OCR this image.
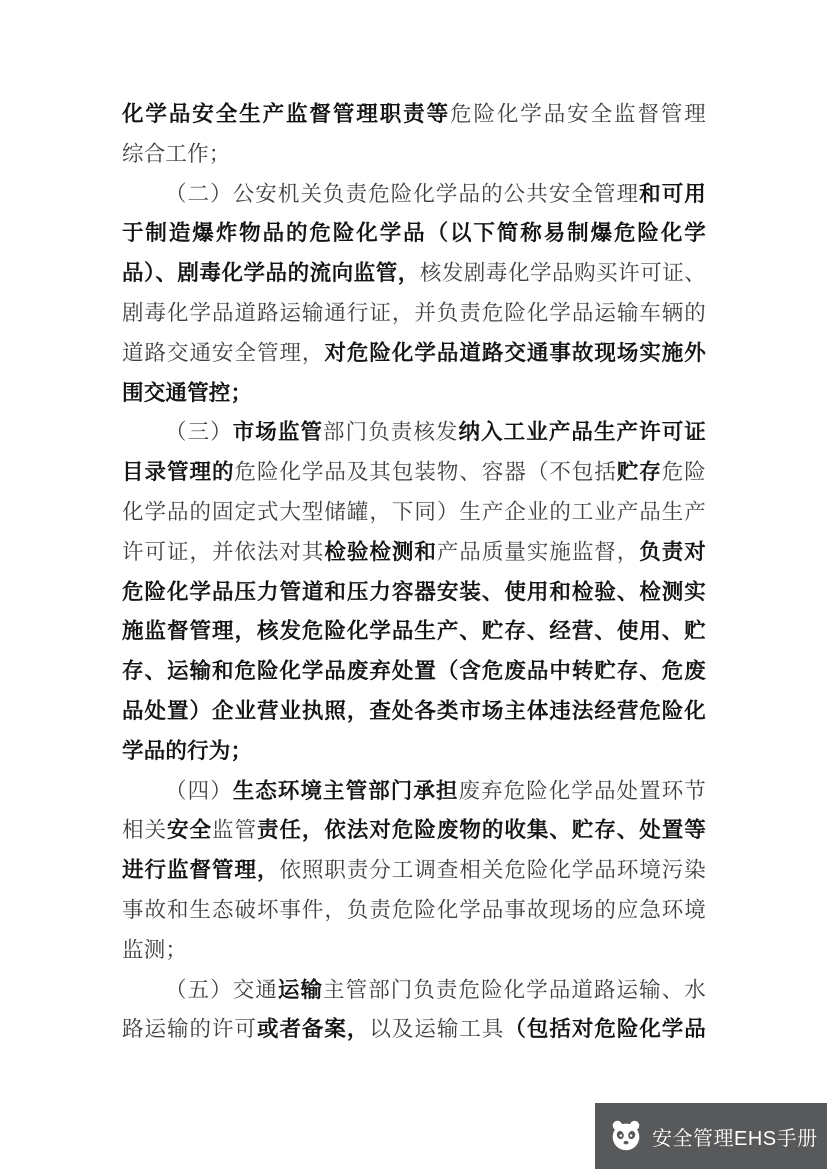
化学品安全生产监督管理职责等危险化学品安全监督管理
综合工作；
（二）公安机关负责危险化学品的公共安全管理和可用
于制造爆炸物品的危险化学品（以下简称易制爆危险化学
品）、剧毒化学品的流向监管，核发剧毒化学品购买许可证、
剧毒化学品道路运输通行证，并负责危险化学品运输车辆的
道路交通安全管理，对危险化学品道路交通事故现场实施外
围交通管控；
（三）市场监管部门负责核发纳入工业产品生产许可证
目录管理的危险化学品及其包装物、容器（不包括贮存危险
化学品的固定式大型储罐，下同）生产企业的工业产品生产
许可证，并依法对其检验检测和产品质量实施监督，负责对
危险化学品压力管道和压力容器安装、使用和检验、检测实
施监督管理，核发危险化学品生产、贮存、经营、使用、贮
存、运输和危险化学品废弃处置（含危废品中转贮存、危废
品处置）企业营业执照，查处各类市场主体违法经营危险化
学品的行为；
（四）生态环境主管部门承担废弃危险化学品处置环节
相关安全监管责任，依法对危险废物的收集、贮存、处置等
进行监督管理，依照职责分工调查相关危险化学品环境污染
事故和生态破坏事件，负责危险化学品事故现场的应急环境
监测；
（五）交通运输主管部门负责危险化学品道路运输、水
路运输的许可或者备案，以及运输工具（包括对危险化学品
安全管理EHS手册
